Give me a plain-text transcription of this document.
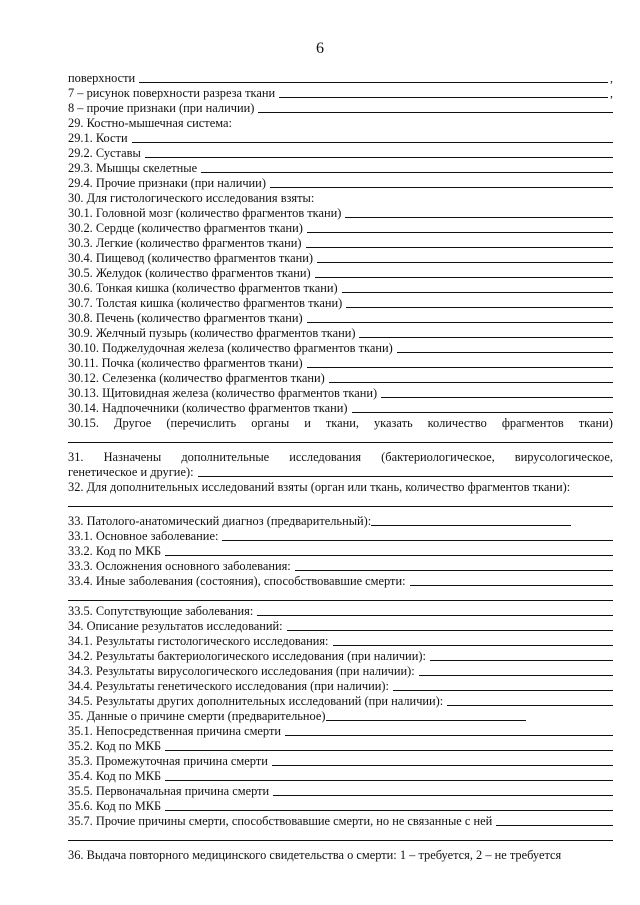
6
поверхности	,
7 – рисунок поверхности разреза ткани	,
8 – прочие признаки (при наличии)
29. Костно-мышечная система:
29.1. Кости
29.2. Суставы
29.3. Мышцы скелетные
29.4. Прочие признаки (при наличии)
30. Для гистологического исследования взяты:
30.1. Головной мозг (количество фрагментов ткани)
30.2. Сердце (количество фрагментов ткани)
30.3. Легкие (количество фрагментов ткани)
30.4. Пищевод (количество фрагментов ткани)
30.5. Желудок (количество фрагментов ткани)
30.6. Тонкая кишка (количество фрагментов ткани)
30.7. Толстая кишка (количество фрагментов ткани)
30.8. Печень (количество фрагментов ткани)
30.9. Желчный пузырь (количество фрагментов ткани)
30.10. Поджелудочная железа (количество фрагментов ткани)
30.11. Почка (количество фрагментов ткани)
30.12. Селезенка (количество фрагментов ткани)
30.13. Щитовидная железа (количество фрагментов ткани)
30.14. Надпочечники (количество фрагментов ткани)
30.15. Другое (перечислить органы и ткани, указать количество фрагментов ткани)
31. Назначены дополнительные исследования (бактериологическое, вирусологическое,
генетическое и другие):
32. Для дополнительных исследований взяты (орган или ткань, количество фрагментов ткани):
33. Патолого-анатомический диагноз (предварительный):
33.1. Основное заболевание:
33.2. Код по МКБ
33.3. Осложнения основного заболевания:
33.4. Иные заболевания (состояния), способствовавшие смерти:
33.5. Сопутствующие заболевания:
34. Описание результатов исследований:
34.1. Результаты гистологического исследования:
34.2. Результаты бактериологического исследования (при наличии):
34.3. Результаты вирусологического исследования (при наличии):
34.4. Результаты генетического исследования (при наличии):
34.5. Результаты других дополнительных исследований (при наличии):
35. Данные о причине смерти (предварительное)
35.1. Непосредственная причина смерти
35.2. Код по МКБ
35.3. Промежуточная причина смерти
35.4. Код по МКБ
35.5. Первоначальная причина смерти
35.6. Код по МКБ
35.7. Прочие причины смерти, способствовавшие смерти, но не связанные с ней
36. Выдача повторного медицинского свидетельства о смерти: 1 – требуется, 2 – не требуется
